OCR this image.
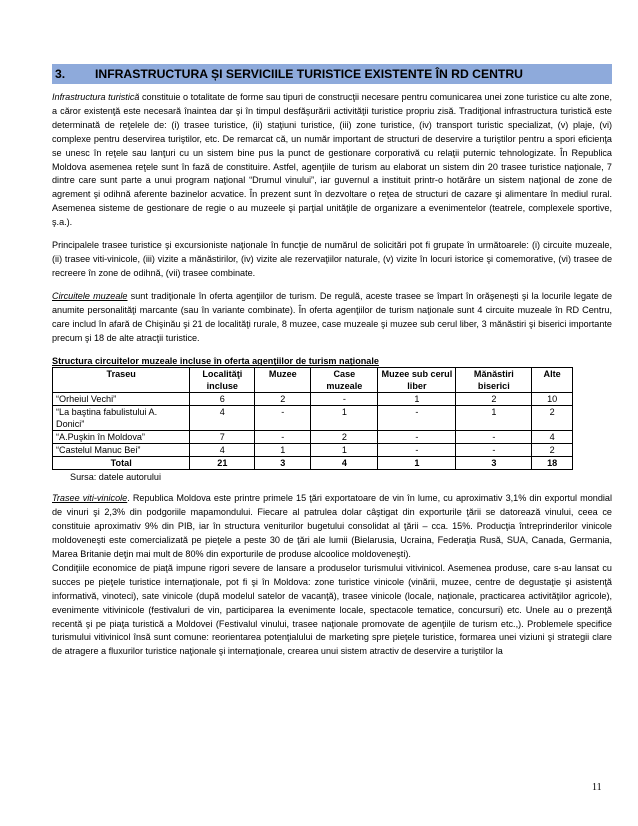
3.	INFRASTRUCTURA ȘI SERVICIILE TURISTICE EXISTENTE ÎN RD CENTRU

Infrastructura turistică constituie o totalitate de forme sau tipuri de construcţii necesare pentru comunicarea unei zone turistice cu alte zone, a căror existenţă este necesară înaintea dar şi în timpul desfăşurării activităţii turistice propriu zisă. Tradiţional infrastructura turistică este determinată de reţelele de: (i) trasee turistice, (ii) staţiuni turistice, (iii) zone turistice, (iv) transport turistic specializat, (v) plaje, (vi) complexe pentru deservirea turiştilor, etc. De remarcat că, un număr important de structuri de deservire a turiştilor pentru a spori eficienţa se unesc în reţele sau lanţuri cu un sistem bine pus la punct de gestionare corporativă cu relaţii puternic tehnologizate. În Republica Moldova asemenea reţele sunt în fază de constituire. Astfel, agenţiile de turism au elaborat un sistem din 20 trasee turistice naţionale, 7 dintre care sunt parte a unui program naţional “Drumul vinului”, iar guvernul a instituit printr-o hotărâre un sistem naţional de zone de agrement şi odihnă aferente bazinelor acvatice. În prezent sunt în dezvoltare o reţea de structuri de cazare şi alimentare în mediul rural. Asemenea sisteme de gestionare de regie o au muzeele şi parţial unităţile de organizare a evenimentelor (teatrele, complexele sportive, ş.a.).

Principalele trasee turistice şi excursioniste naţionale în funcţie de numărul de solicitări pot fi grupate în următoarele: (i) circuite muzeale, (ii) trasee viti-vinicole, (iii) vizite a mănăstirilor, (iv) vizite ale rezervaţiilor naturale, (v) vizite în locuri istorice şi comemorative, (vi) trasee de recreere în zone de odihnă, (vii) trasee combinate.

Circuitele muzeale sunt tradiţionale în oferta agenţiilor de turism. De regulă, aceste trasee se împart în orăşeneşti şi la locurile legate de anumite personalităţi marcante (sau în variante combinate). În oferta agenţiilor de turism naţionale sunt 4 circuite muzeale în RD Centru, care includ în afară de Chişinău şi 21 de localităţi rurale, 8 muzee, case muzeale şi muzee sub cerul liber, 3 mănăstiri şi biserici importante precum şi 18 de alte atracţii turistice.

Structura circuitelor muzeale incluse în oferta agenţiilor de turism naţionale
Traseu	Localităţi incluse	Muzee	Case muzeale	Muzee sub cerul liber	Mănăstiri biserici	Alte
“Orheiul Vechi”	6	2	-	1	2	10
“La baştina fabulistului A. Donici”	4	-	1	-	1	2
“A.Puşkin în Moldova”	7	-	2	-	-	4
“Castelul Manuc Bei”	4	1	1	-	-	2
Total	21	3	4	1	3	18
Sursa: datele autorului

Trasee viti-vinicole. Republica Moldova este printre primele 15 ţări exportatoare de vin în lume, cu aproximativ 3,1% din exportul mondial de vinuri şi 2,3% din podgoriile mapamondului. Fiecare al patrulea dolar câştigat din exporturile ţării se datorează vinului, ceea ce constituie aproximativ 9% din PIB, iar în structura veniturilor bugetului consolidat al ţării – cca. 15%. Producţia întreprinderilor vinicole moldoveneşti este comercializată pe pieţele a peste 30 de ţări ale lumii (Bielarusia, Ucraina, Federaţia Rusă, SUA, Canada, Germania, Marea Britanie deţin mai mult de 80% din exporturile de produse alcoolice moldoveneşti).

Condiţiile economice de piaţă impune rigori severe de lansare a produselor turismului vitivinicol. Asemenea produse, care s-au lansat cu succes pe pieţele turistice internaţionale, pot fi şi în Moldova: zone turistice vinicole (vinării, muzee, centre de degustaţie şi asistenţă informativă, vinoteci), sate vinicole (după modelul satelor de vacanţă), trasee vinicole (locale, naţionale, practicarea activităţilor agricole), evenimente vitivinicole (festivaluri de vin, participarea la evenimente locale, spectacole tematice, concursuri) etc. Unele au o prezenţă recentă şi pe piaţa turistică a Moldovei (Festivalul vinului, trasee naţionale promovate de agenţiile de turism etc.,). Problemele specifice turismului vitivinicol însă sunt comune: reorientarea potenţialului de marketing spre pieţele turistice, formarea unei viziuni şi strategii clare de atragere a fluxurilor turistice naţionale şi internaţionale, crearea unui sistem atractiv de deservire a turiştilor la

11
